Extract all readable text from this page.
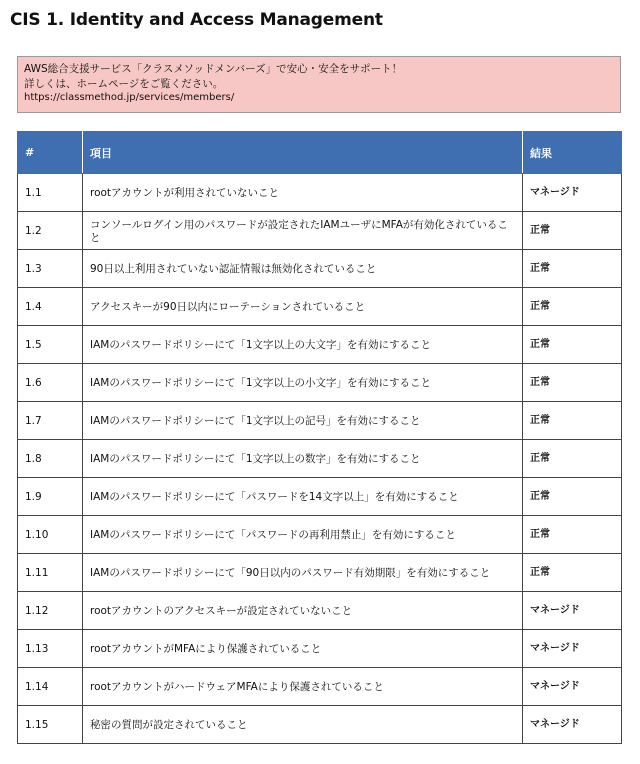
CIS 1. Identity and Access Management
AWS総合支援サービス「クラスメソッドメンバーズ」で安心・安全をサポート！
詳しくは、ホームページをご覧ください。
https://classmethod.jp/services/members/
#	項目	結果
1.1	rootアカウントが利用されていないこと	マネージド
1.2	コンソールログイン用のパスワードが設定されたIAMユーザにMFAが有効化されていること	正常
1.3	90日以上利用されていない認証情報は無効化されていること	正常
1.4	アクセスキーが90日以内にローテーションされていること	正常
1.5	IAMのパスワードポリシーにて「1文字以上の大文字」を有効にすること	正常
1.6	IAMのパスワードポリシーにて「1文字以上の小文字」を有効にすること	正常
1.7	IAMのパスワードポリシーにて「1文字以上の記号」を有効にすること	正常
1.8	IAMのパスワードポリシーにて「1文字以上の数字」を有効にすること	正常
1.9	IAMのパスワードポリシーにて「パスワードを14文字以上」を有効にすること	正常
1.10	IAMのパスワードポリシーにて「パスワードの再利用禁止」を有効にすること	正常
1.11	IAMのパスワードポリシーにて「90日以内のパスワード有効期限」を有効にすること	正常
1.12	rootアカウントのアクセスキーが設定されていないこと	マネージド
1.13	rootアカウントがMFAにより保護されていること	マネージド
1.14	rootアカウントがハードウェアMFAにより保護されていること	マネージド
1.15	秘密の質問が設定されていること	マネージド
